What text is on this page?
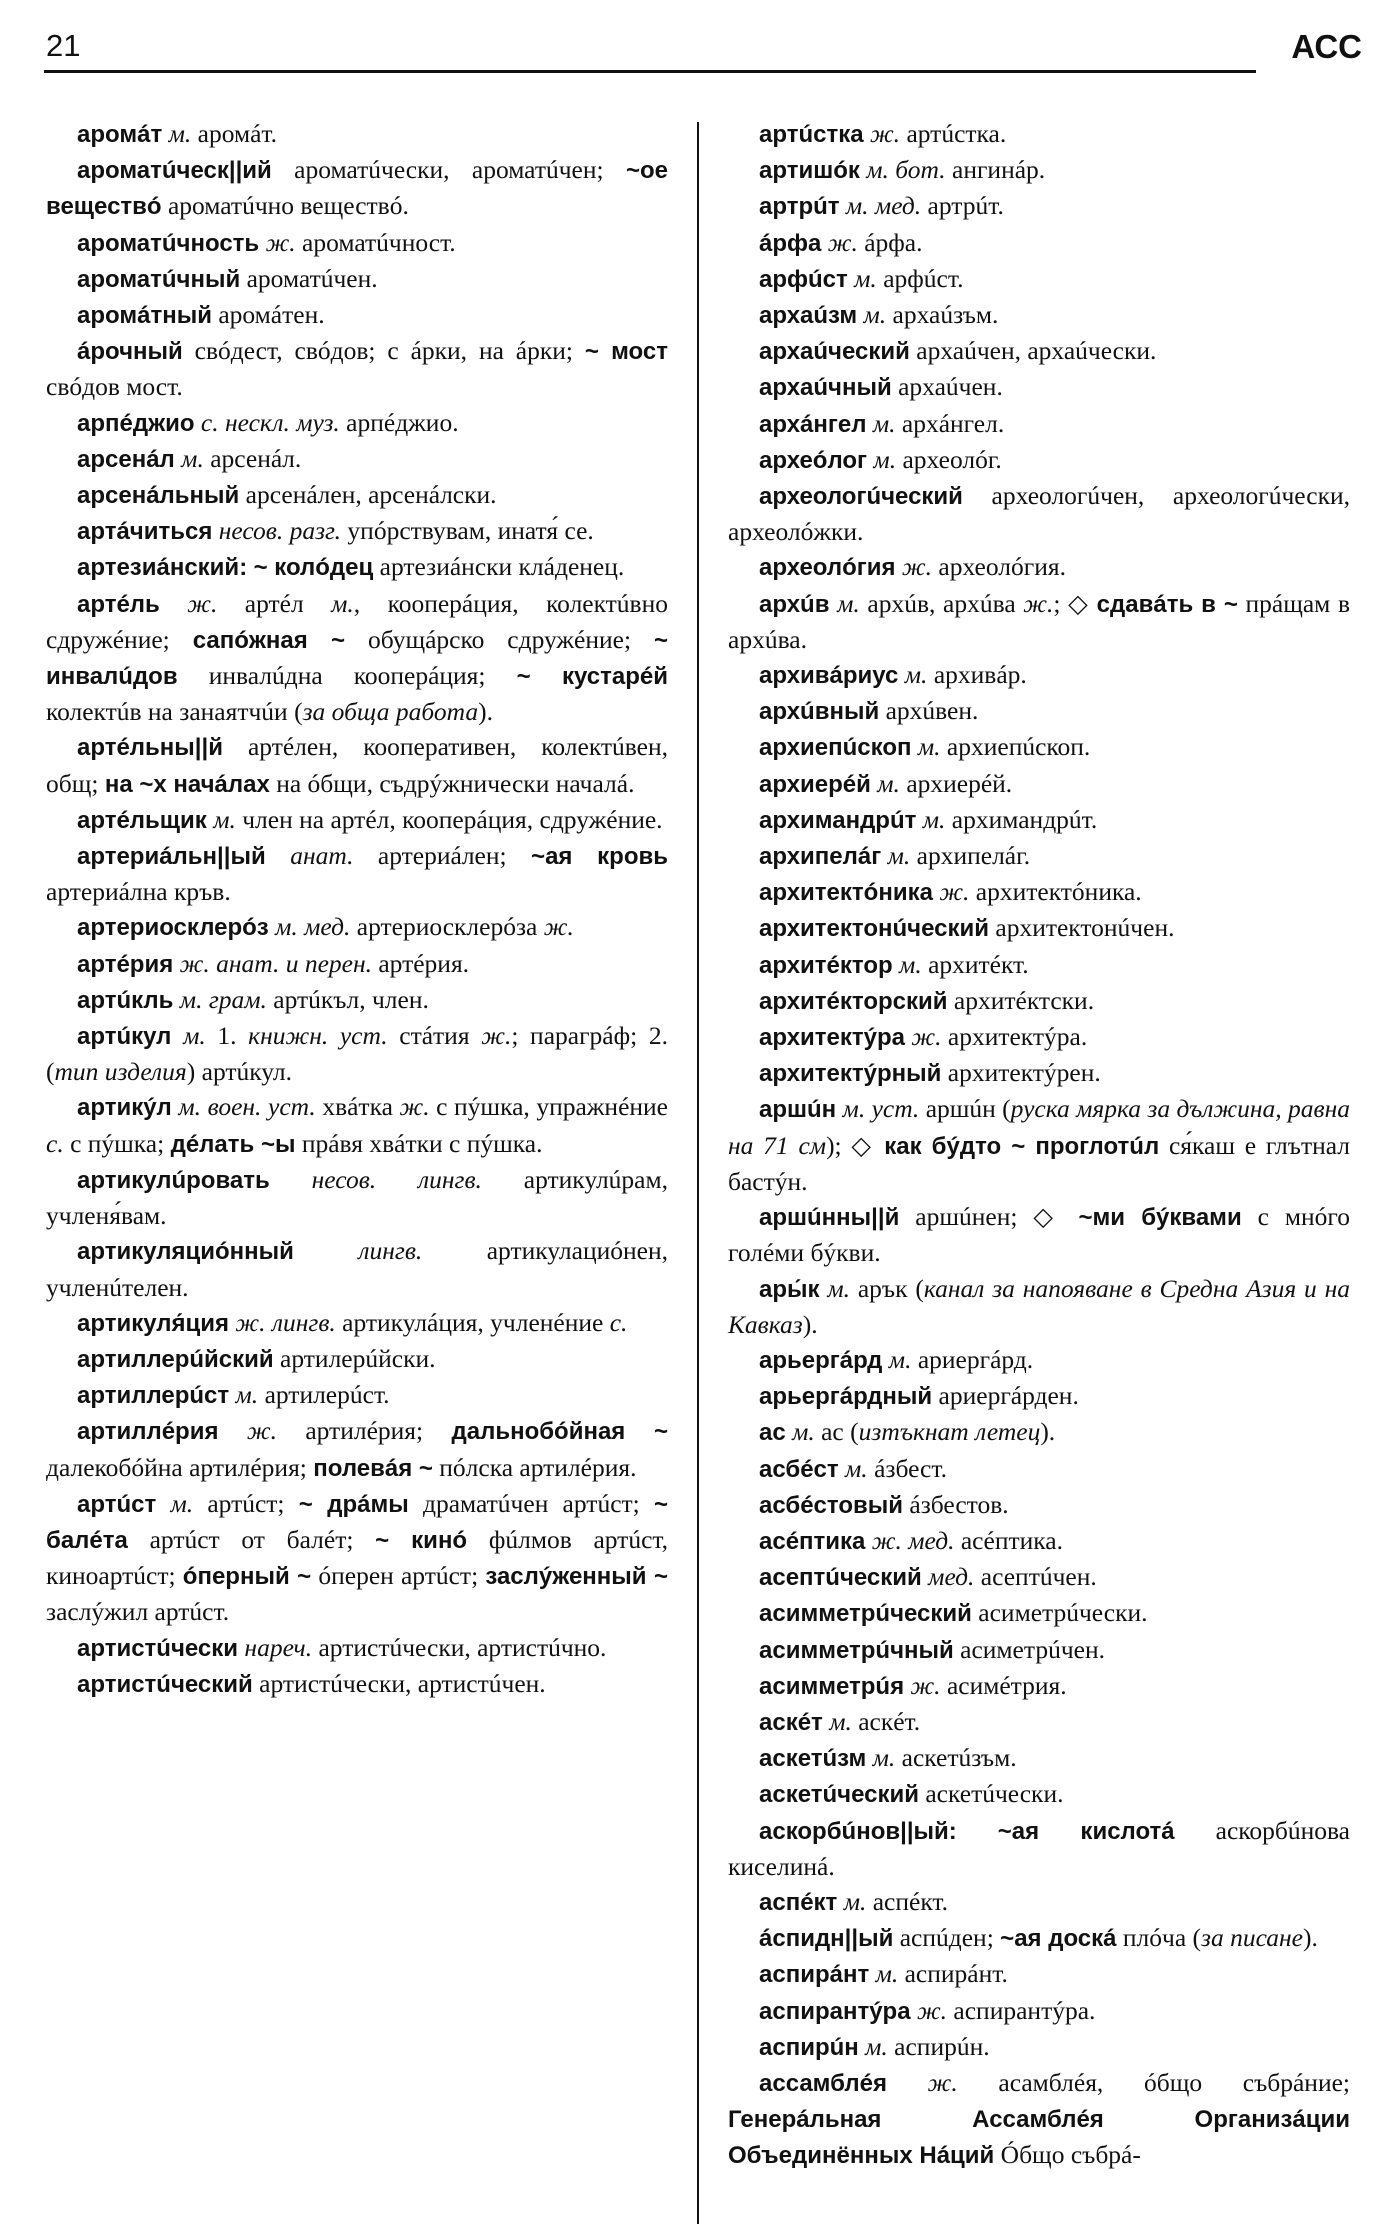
21	АСС

аромáт м. аромáт.

ароматúческ||ий ароматúчески, ароматúчен; ~ое веществó ароматúчно веществó.

ароматúчность ж. ароматúчност.

ароматúчный ароматúчен.

аромáтный аромáтен.

áрочный свóдест, свóдов; с áрки, на áрки; ~ мост свóдов мост.

арпéджио с. нескл. муз. арпéджио.

арсенáл м. арсенáл.

арсенáльный арсенáлен, арсенáлски.

артáчиться несов. разг. упóрствувам, инатя́ се.

артезиáнский: ~ колóдец артезиáнски клáденец.

артéль ж. артéл м., коопeрáция, колектúвно сдружéние; сапóжная ~ обущáрско сдружéние; ~ инвалúдов инвалúдна коопeрáция; ~ кустарéй колектúв на занаятчúи (за обща работа).

артéльны||й артéлен, кооперативен, колектúвен, общ; на ~х начáлах на óбщи, съдрýжнически началá.

артéльщик м. член на артéл, коопeрáция, сдружéние.

артериáльн||ый анат. артериáлен; ~ая кровь артериáлна кръв.

артериосклерóз м. мед. артериосклерóза ж.

артéрия ж. анат. и перен. артéрия.

артúкль м. грам. артúкъл, член.

артúкул м. 1. книжн. уст. стáтия ж.; парагрáф; 2. (тип изделия) артúкул.

артикýл м. воен. уст. хвáтка ж. с пýшка, упражнéние с. с пýшка; дéлать ~ы прáвя хвáтки с пýшка.

артикулúровать несов. лингв. артикулúрам, учленя́вам.

артикуляциóнный	лингв. артикулациóнен, учленúтелен.

артикуля́ция ж. лингв. артикулáция, учленéние с.

артиллерúйский артилерúйски.

артиллерúст м. артилерúст.

артиллéрия ж. артилéрия; дальнобóйная ~ далекобóйна артилéрия; полевáя ~ пóлска артилéрия.

артúст м. артúст; ~ дрáмы драматúчен артúст; ~ балéта артúст от балéт; ~ кинó фúлмов артúст, киноартúст; óперный ~ óперен артúст; заслýженный ~ заслýжил артúст.

артистúчески нареч. артистúчески, артистúчно.

артистúческий артистúчески, артистúчен.

артúстка ж. артúстка.

артишóк м. бот. ангинáр.

артрúт м. мед. артрúт.

áрфа ж. áрфа.

арфúст м. арфúст.

архаúзм м. архаúзъм.

архаúческий архаúчен, архаúчески.

архаúчный архаúчен.

архáнгел м. архáнгел.

археóлог м. археолóг.

археологúческий археологúчен, археологúчески, археолóжки.

археолóгия ж. археолóгия.

архúв м. архúв, архúва ж.; ◇ сдавáть в ~ прáщам в архúва.

архивáриус м. архивáр.

архúвный архúвен.

архиепúскоп м. архиепúскоп.

архиерéй м. архиерéй.

архимандрúт м. архимандрúт.

архипелáг м. архипелáг.

архитектóника ж. архитектóника.

архитектонúческий архитектонúчен.

архитéктор м. архитéкт.

архитéкторский архитéктски.

архитектýра ж. архитектýра.

архитектýрный архитектýрен.

аршúн м. уст. аршúн (руска мярка за дължина, равна на 71 см); ◇ как бýдто ~ проглотúл ся́каш е глътнал бастýн.

аршúнны||й аршúнен; ◇ ~ми бýквами с мнóго голéми бýкви.

ары́к м. арък (канал за напояване в Средна Азия и на Кавказ).

арьергáрд м. ариергáрд.

арьергáрдный ариергáрден.

ас м. ас (изтъкнат летец).

асбéст м. áзбест.

асбéстовый áзбестов.

асéптика ж. мед. асéптика.

асептúческий мед. асептúчен.

асимметрúческий асиметрúчески.

асимметрúчный асиметрúчен.

асимметрúя ж. асимéтрия.

аскéт м. аскéт.

аскетúзм м. аскетúзъм.

аскетúческий аскетúчески.

аскорбúнов||ый: ~ая кислотá аскорбúнова киселинá.

аспéкт м. аспéкт.

áспидн||ый аспúден; ~ая доскá плóча (за писане).

аспирáнт м. аспирáнт.

аспирантýра ж. аспирантýра.

аспирúн м. аспирúн.

ассамблéя ж. асамблéя, óбщо събрáние; Генерáльная Ассамблéя Организáции Объединённых Нáций Óбщо събрá-
